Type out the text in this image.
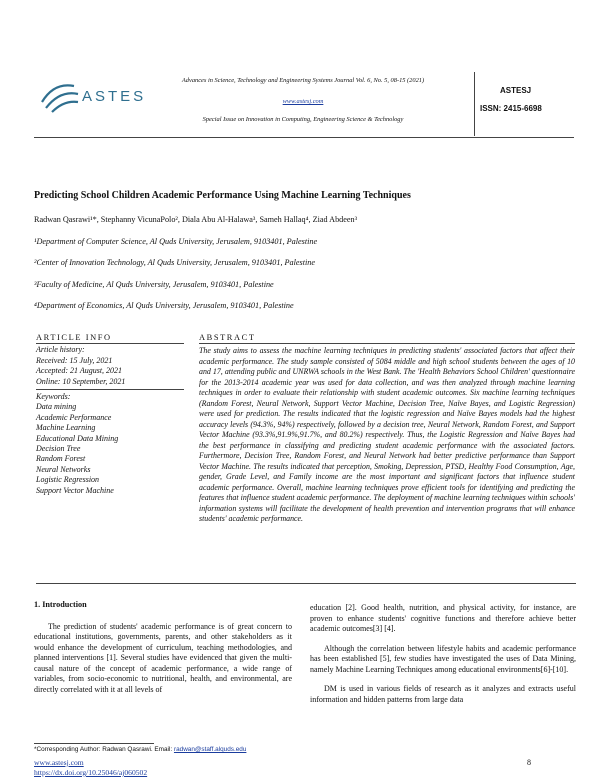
ASTES
Advances in Science, Technology and Engineering Systems Journal Vol. 6, No. 5, 08-15 (2021)
www.astesj.com
Special Issue on Innovation in Computing, Engineering Science & Technology
ASTESJ
ISSN: 2415-6698
Predicting School Children Academic Performance Using Machine Learning Techniques
Radwan Qasrawi¹*, Stephanny VicunaPolo², Diala Abu Al-Halawa³, Sameh Hallaq⁴, Ziad Abdeen³
¹Department of Computer Science, Al Quds University, Jerusalem, 9103401, Palestine
²Center of Innovation Technology, Al Quds University, Jerusalem, 9103401, Palestine
³Faculty of Medicine, Al Quds University, Jerusalem, 9103401, Palestine
⁴Department of Economics, Al Quds University, Jerusalem, 9103401, Palestine
ARTICLE INFO
Article history:
Received: 15 July, 2021
Accepted: 21 August, 2021
Online: 10 September, 2021
Keywords:
Data mining
Academic Performance
Machine Learning
Educational Data Mining
Decision Tree
Random Forest
Neural Networks
Logistic Regression
Support Vector Machine
ABSTRACT
The study aims to assess the machine learning techniques in predicting students' associated factors that affect their academic performance. The study sample consisted of 5084 middle and high school students between the ages of 10 and 17, attending public and UNRWA schools in the West Bank. The 'Health Behaviors School Children' questionnaire for the 2013-2014 academic year was used for data collection, and was then analyzed through machine learning techniques in order to evaluate their relationship with student academic outcomes. Six machine learning techniques (Random Forest, Neural Network, Support Vector Machine, Decision Tree, Naïve Bayes, and Logistic Regression) were used for prediction. The results indicated that the logistic regression and Naïve Bayes models had the highest accuracy levels (94.3%, 94%) respectively, followed by a decision tree, Neural Network, Random Forest, and Support Vector Machine (93.3%,91.9%,91.7%, and 80.2%) respectively. Thus, the Logistic Regression and Naïve Bayes had the best performance in classifying and predicting student academic performance with the associated factors. Furthermore, Decision Tree, Random Forest, and Neural Network had better predictive performance than Support Vector Machine. The results indicated that perception, Smoking, Depression, PTSD, Healthy Food Consumption, Age, gender, Grade Level, and Family income are the most important and significant factors that influence student academic performance. Overall, machine learning techniques prove efficient tools for identifying and predicting the features that influence student academic performance. The deployment of machine learning techniques within schools' information systems will facilitate the development of health prevention and intervention programs that will enhance students' academic performance.
1. Introduction

The prediction of students' academic performance is of great concern to educational institutions, governments, parents, and other stakeholders as it would enhance the development of curriculum, teaching methodologies, and planned interventions [1]. Several studies have evidenced that given the multi-causal nature of the concept of academic performance, a wide range of variables, from socio-economic to nutritional, health, and environmental, are directly correlated with it at all levels of

education [2]. Good health, nutrition, and physical activity, for instance, are proven to enhance students' cognitive functions and therefore achieve better academic outcomes[3] [4].

Although the correlation between lifestyle habits and academic performance has been established [5], few studies have investigated the uses of Data Mining, namely Machine Learning Techniques among educational environments[6]-[10].

DM is used in various fields of research as it analyzes and extracts useful information and hidden patterns from large data

*Corresponding Author: Radwan Qasrawi. Email: radwan@staff.alquds.edu
www.astesj.com
https://dx.doi.org/10.25046/aj060502
8
